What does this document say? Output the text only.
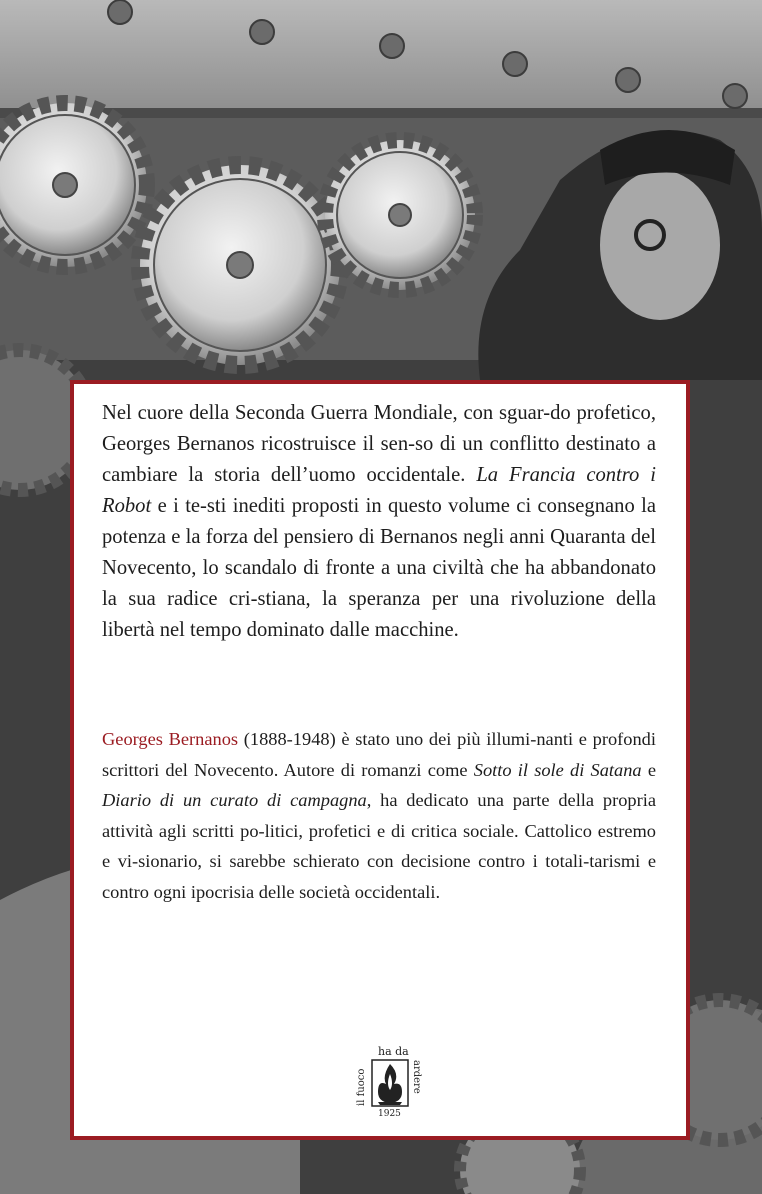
Nel cuore della Seconda Guerra Mondiale, con sguar-do profetico, Georges Bernanos ricostruisce il sen-so di un conflitto destinato a cambiare la storia dell’uomo occidentale. La Francia contro i Robot e i te-sti inediti proposti in questo volume ci consegnano la potenza e la forza del pensiero di Bernanos negli anni Quaranta del Novecento, lo scandalo di fronte a una civiltà che ha abbandonato la sua radice cri-stiana, la speranza per una rivoluzione della libertà nel tempo dominato dalle macchine.

Georges Bernanos (1888-1948) è stato uno dei più illumi-nanti e profondi scrittori del Novecento. Autore di romanzi come Sotto il sole di Satana e Diario di un curato di campagna, ha dedicato una parte della propria attività agli scritti po-litici, profetici e di critica sociale. Cattolico estremo e vi-sionario, si sarebbe schierato con decisione contro i totali-tarismi e contro ogni ipocrisia delle società occidentali.

ha da
il fuoco	ardere
1925
